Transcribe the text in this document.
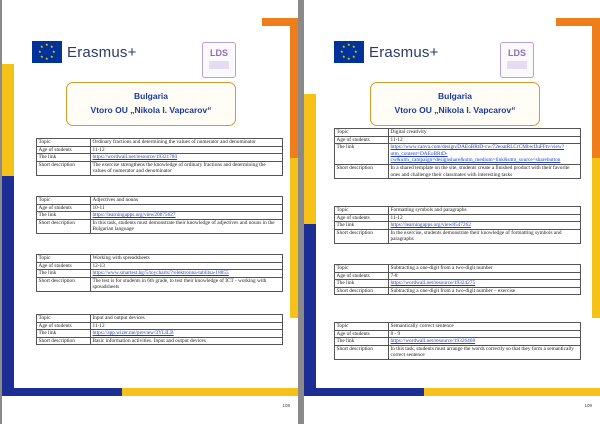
★ ★
★
★
★
★
★
★ Erasmus+	LDS
Bulgaria
Vtoro OU „Nikola I. Vapcarov“
Topic	Ordinary fractions and determining the values of numerator and denominator
Age of students	11-12
The link	https://wordwall.net/resource/19321780
Short description	The exercise strengthens the knowledge of ordinary fractions and determining the values of numerator and denominator
Topic	Adjectives and nouns
Age of students	10-11
The link	https://learningapps.org/view20875627
Short description	In this task, students must demonstrate their knowledge of adjectives and nouns in the Bulgarian language
Topic	Working with spreadsheets
Age of students	12-13
The link	https://www.smartest.bg/5/toycharts/?/elektronna-tablitsa-18855
Short description	The test is for students in 6th grade, to test their knowledge of ICT - working with spreadsheets
Topic	Input and output devices
Age of students	11-12
The link	https://app.wizer.me/preview/3YLILB
Short description	Basic information activities. Input and output devices
108
★ ★
★
★
★
★
★
★ Erasmus+	LDS
Bulgaria
Vtoro OU „Nikola I. Vapcarov“
Topic	Digital creativity
Age of students	11-12
The link	https://www.canva.com/design/DAEoBRtD-cw/72eoatRLCrCMbwfJuFFtv/view?utm_content=DAEoBRtD-cw&utm_campaign=designshare&utm_medium=link&utm_source=sharebutton
Short description	In a shared template on the site, students create a finished product with their favorite ones and challenge their classmates with interesting tasks
Topic	Formatting symbols and paragraphs
Age of students	11-12
The link	https://learningapps.org/view8547262
Short description	In the exercise, students demonstrate their knowledge of formatting symbols and paragraphs
Topic	Subtracting a one-digit from a two-digit number
Age of students	7-8
The link	https://wordwall.net/resource/19324275
Short description	Subtracting a one-digit from a two-digit number – exercise
Topic	Semantically correct sentence
Age of students	8 - 9
The link	https://wordwall.net/resource/19326468
Short description	In this task, students must arrange the words correctly so that they form a semantically correct sentence
109
